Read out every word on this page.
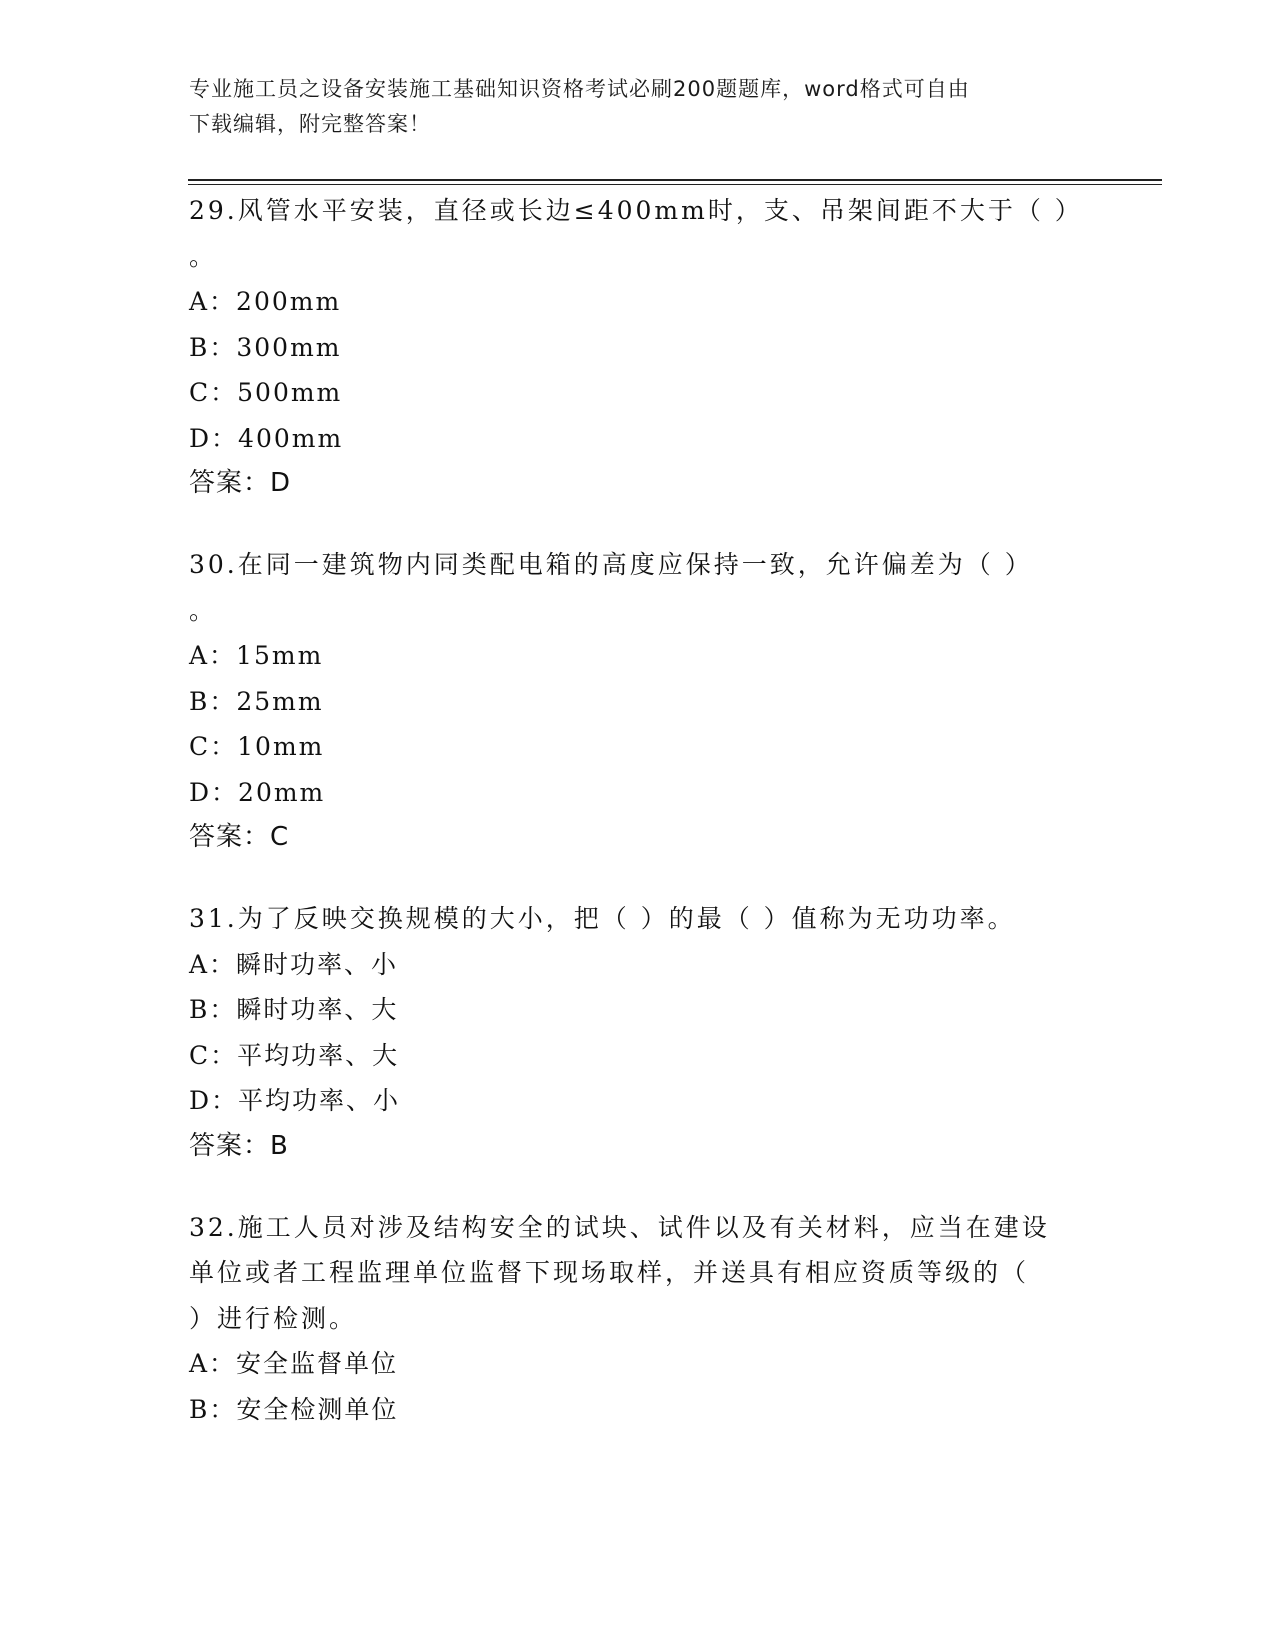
专业施工员之设备安装施工基础知识资格考试必刷200题题库，word格式可自由
下载编辑，附完整答案！
29.风管水平安装，直径或长边≤400mm时，支、吊架间距不大于（ ）
。
A：200mm
B：300mm
C：500mm
D：400mm
答案：D
30.在同一建筑物内同类配电箱的高度应保持一致，允许偏差为（ ）
。
A：15mm
B：25mm
C：10mm
D：20mm
答案：C
31.为了反映交换规模的大小，把（ ）的最（ ）值称为无功功率。
A：瞬时功率、小
B：瞬时功率、大
C：平均功率、大
D：平均功率、小
答案：B
32.施工人员对涉及结构安全的试块、试件以及有关材料，应当在建设
单位或者工程监理单位监督下现场取样，并送具有相应资质等级的（
）进行检测。
A：安全监督单位
B：安全检测单位
